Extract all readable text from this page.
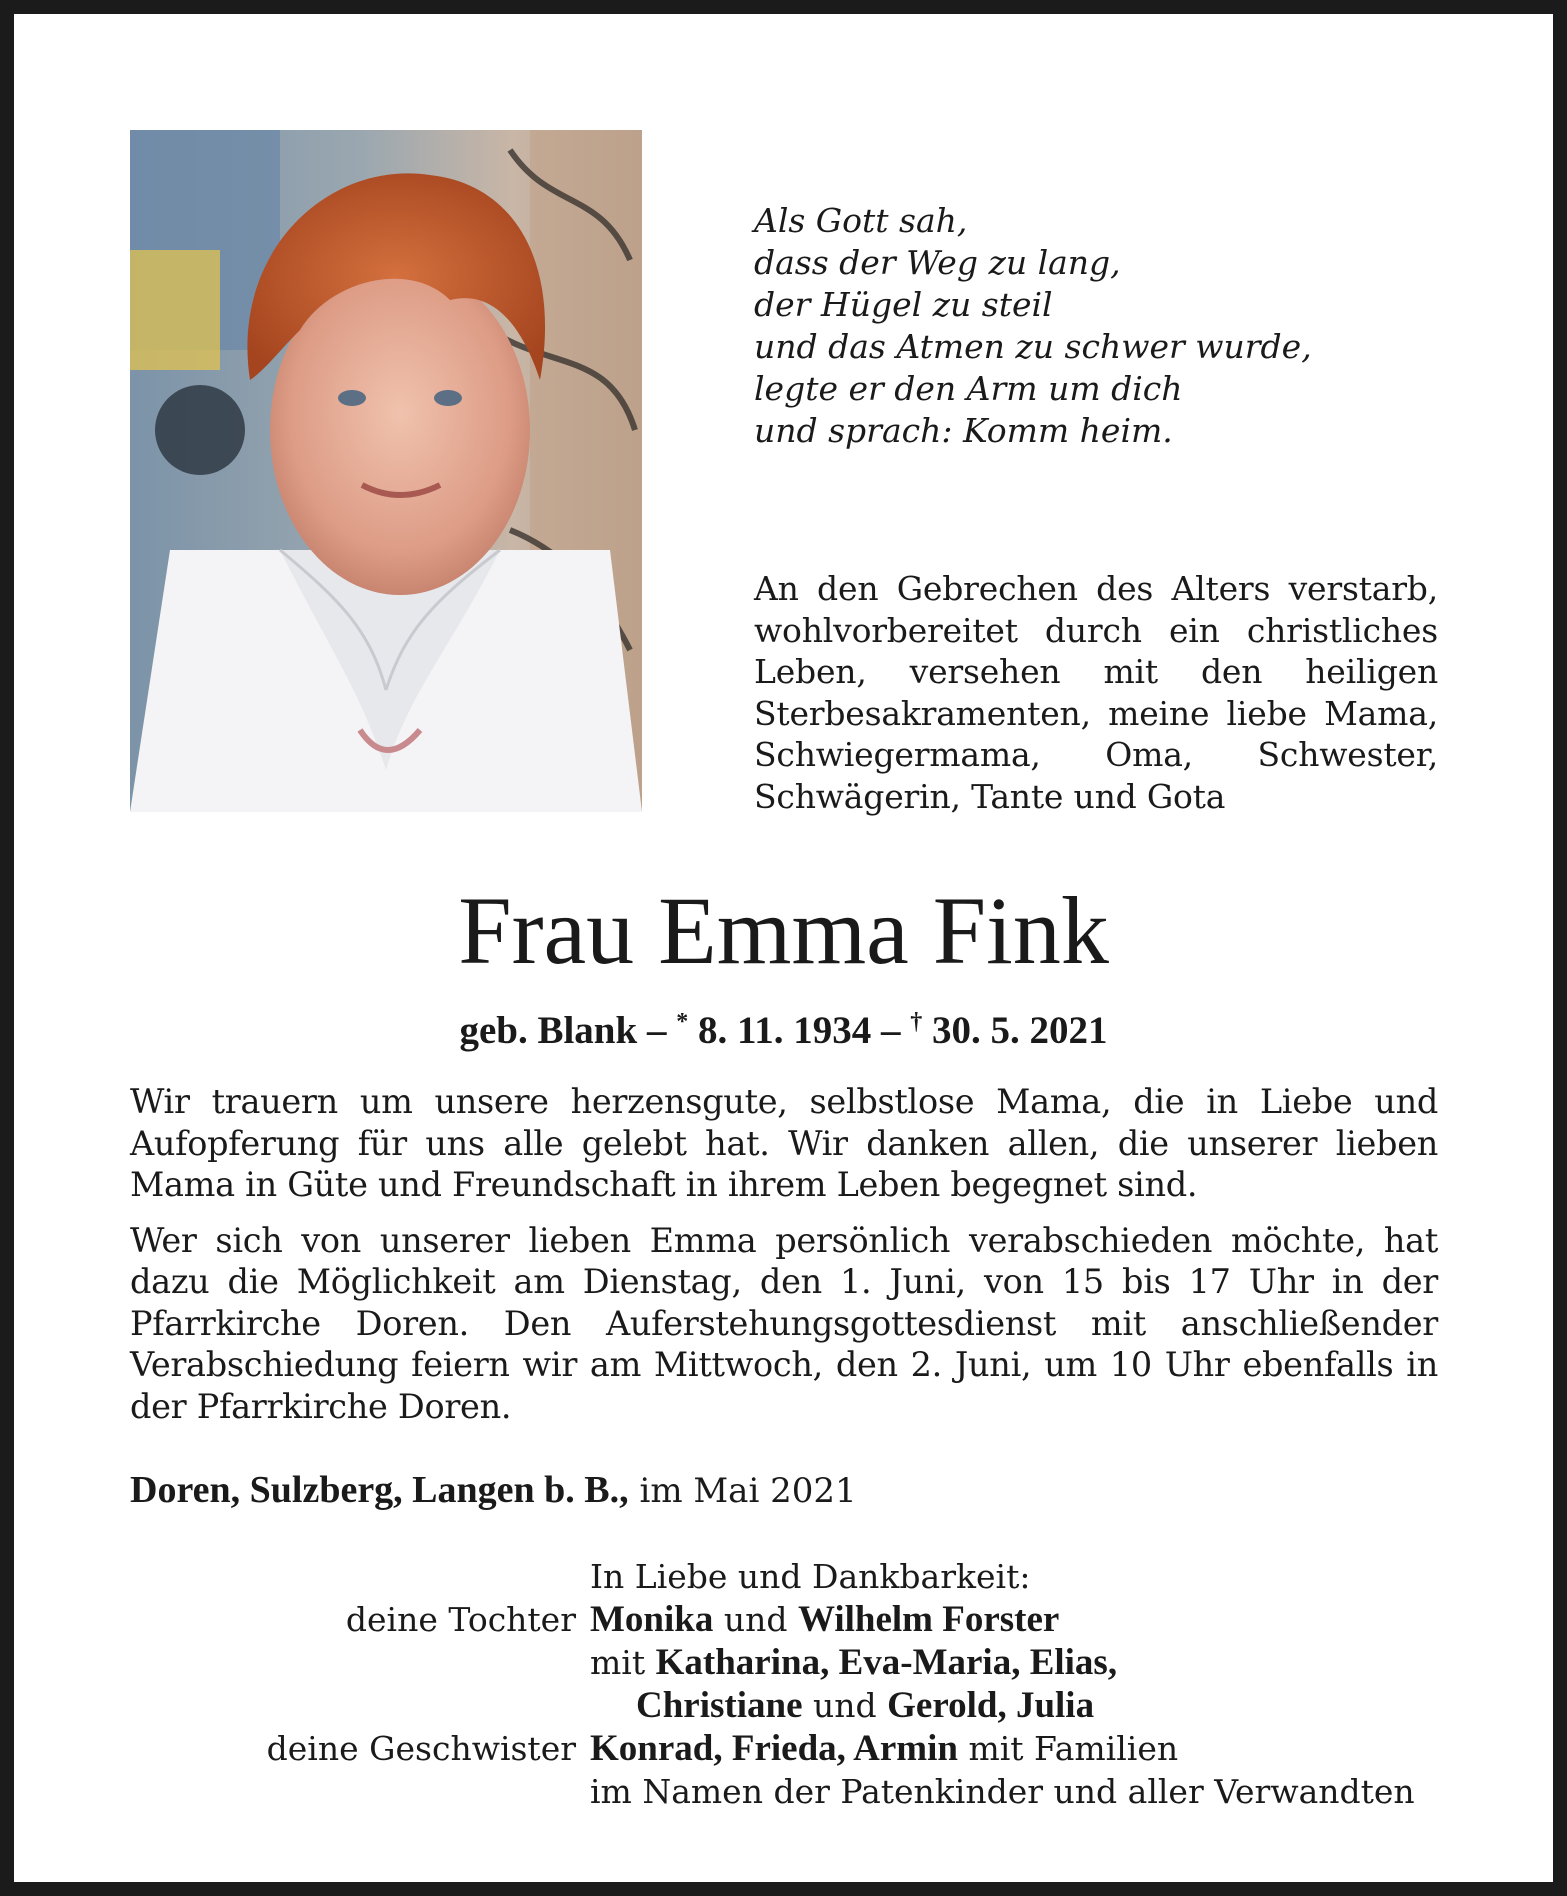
Als Gott sah,
dass der Weg zu lang,
der Hügel zu steil
und das Atmen zu schwer wurde,
legte er den Arm um dich
und sprach: Komm heim.
An den Gebrechen des Alters verstarb, wohlvorbereitet durch ein christliches Leben, versehen mit den heiligen Sterbesakramenten, meine liebe Mama, Schwiegermama, Oma, Schwester, Schwägerin, Tante und Gota
Frau Emma Fink
geb. Blank – * 8. 11. 1934 – † 30. 5. 2021

Wir trauern um unsere herzensgute, selbstlose Mama, die in Liebe und Aufopferung für uns alle gelebt hat. Wir danken allen, die unserer lieben Mama in Güte und Freundschaft in ihrem Leben begegnet sind.

Wer sich von unserer lieben Emma persönlich verabschieden möchte, hat dazu die Möglichkeit am Dienstag, den 1. Juni, von 15 bis 17 Uhr in der Pfarrkirche Doren. Den Auferstehungsgottesdienst mit anschließender Verabschiedung feiern wir am Mittwoch, den 2. Juni, um 10 Uhr ebenfalls in der Pfarrkirche Doren.

Doren, Sulzberg, Langen b. B., im Mai 2021
In Liebe und Dankbarkeit:
deine Tochter Monika und Wilhelm Forster
mit Katharina, Eva-Maria, Elias,
Christiane und Gerold, Julia
deine Geschwister Konrad, Frieda, Armin mit Familien
im Namen der Patenkinder und aller Verwandten
